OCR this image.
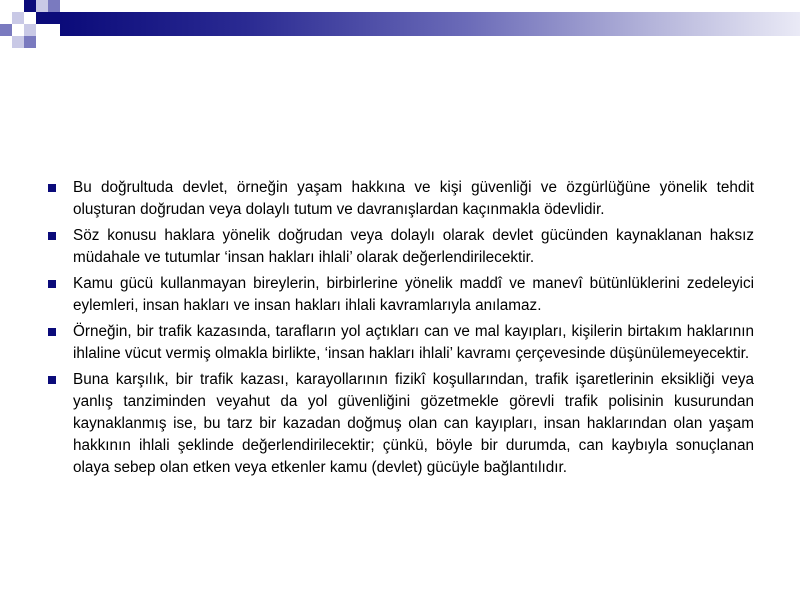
Bu doğrultuda devlet, örneğin yaşam hakkına ve kişi güvenliği ve özgürlüğüne yönelik tehdit oluşturan doğrudan veya dolaylı tutum ve davranışlardan kaçınmakla ödevlidir.
Söz konusu haklara yönelik doğrudan veya dolaylı olarak devlet gücünden kaynaklanan haksız müdahale ve tutumlar ‘insan hakları ihlali’ olarak değerlendirilecektir.
Kamu gücü kullanmayan bireylerin, birbirlerine yönelik maddî ve manevî bütünlüklerini zedeleyici eylemleri, insan hakları ve insan hakları ihlali kavramlarıyla anılamaz.
Örneğin, bir trafik kazasında, tarafların yol açtıkları can ve mal kayıpları, kişilerin birtakım haklarının ihlaline vücut vermiş olmakla birlikte, ‘insan hakları ihlali’ kavramı çerçevesinde düşünülemeyecektir.
Buna karşılık, bir trafik kazası, karayollarının fizikî koşullarından, trafik işaretlerinin eksikliği veya yanlış tanziminden veyahut da yol güvenliğini gözetmekle görevli trafik polisinin kusurundan kaynaklanmış ise, bu tarz bir kazadan doğmuş olan can kayıpları, insan haklarından olan yaşam hakkının ihlali şeklinde değerlendirilecektir; çünkü, böyle bir durumda, can kaybıyla sonuçlanan olaya sebep olan etken veya etkenler kamu (devlet) gücüyle bağlantılıdır.
